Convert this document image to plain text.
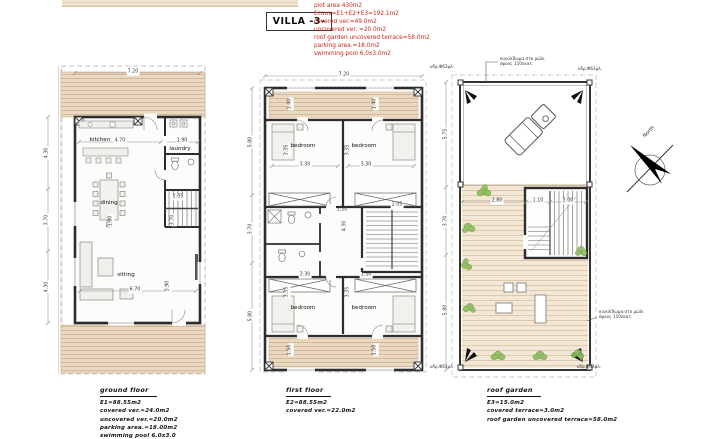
VILLA -3-
plot area 430m2
Ecouv=E1+E2+E3=192.1m2
covered ver.=49.0m2
uncovered ver. =20.0m2
roof garden uncovered terrace=58.0m2
parking area.=18.0m2
swimming pool 6.0x3.0m2
7.20
4.30
3.70
4.30
4.70	1.90
1.80	3.70
2.05
6.70	3.90
kitchen
laundry
dining
sitting
7.20
5.80
3.70
5.80
1.40	1.40
3.30	3.30
3.35	3.35
1.30
4.30
2.05
3.30	3.30
3.35	3.35
1.50	1.50
bedroom	bedroom
bedroom	bedroom
5.75
3.70
5.80
2.80	1.10	2.00
υδρ.Φ63μλ.	υδρ.Φ63μλ.
υδρ.Φ63μλ.	υδρ.Φ63μλ.
κιγκλίδωμα στο μώλι
ύψους 110εκατ.
κιγκλίδωμα στο μώλι
ύψους 110εκατ.
North
ground floor
E1=88.55m2
covered ver.=24.0m2
uncovered ver.=20.0m2
parking area.=18.00m2
swimming pool 6.0x3.0
first floor
E2=88.55m2
covered ver.=22.0m2
roof garden
E3=15.0m2
covered terrace=3.0m2
roof garden uncovered terrace=58.0m2
